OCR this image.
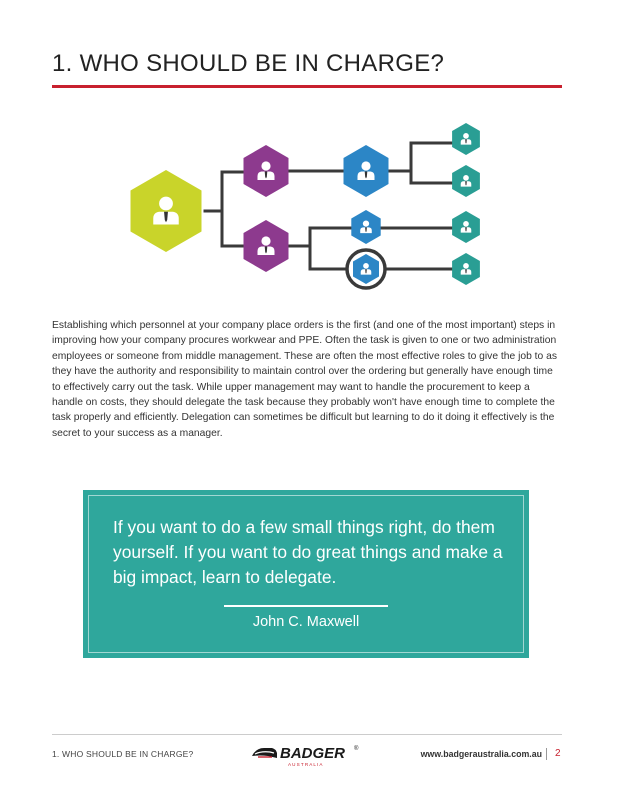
1. WHO SHOULD BE IN CHARGE?

Establishing which personnel at your company place orders is the first (and one of the most important) steps in improving how your company procures workwear and PPE. Often the task is given to one or two administration employees or someone from middle management. These are often the most effective roles to give the job to as they have the authority and responsibility to maintain control over the ordering but generally have enough time to effectively carry out the task. While upper management may want to handle the procurement to keep a handle on costs, they should delegate the task because they probably won't have enough time to complete the task properly and efficiently. Delegation can sometimes be difficult but learning to do it doing it effectively is the secret to your success as a manager.

If you want to do a few small things right, do them yourself. If you want to do great things and make a big impact, learn to delegate.

John C. Maxwell
1. WHO SHOULD BE IN CHARGE?	BADGER ®
A U S T R A L I A
www.badgeraustralia.com.au 2
